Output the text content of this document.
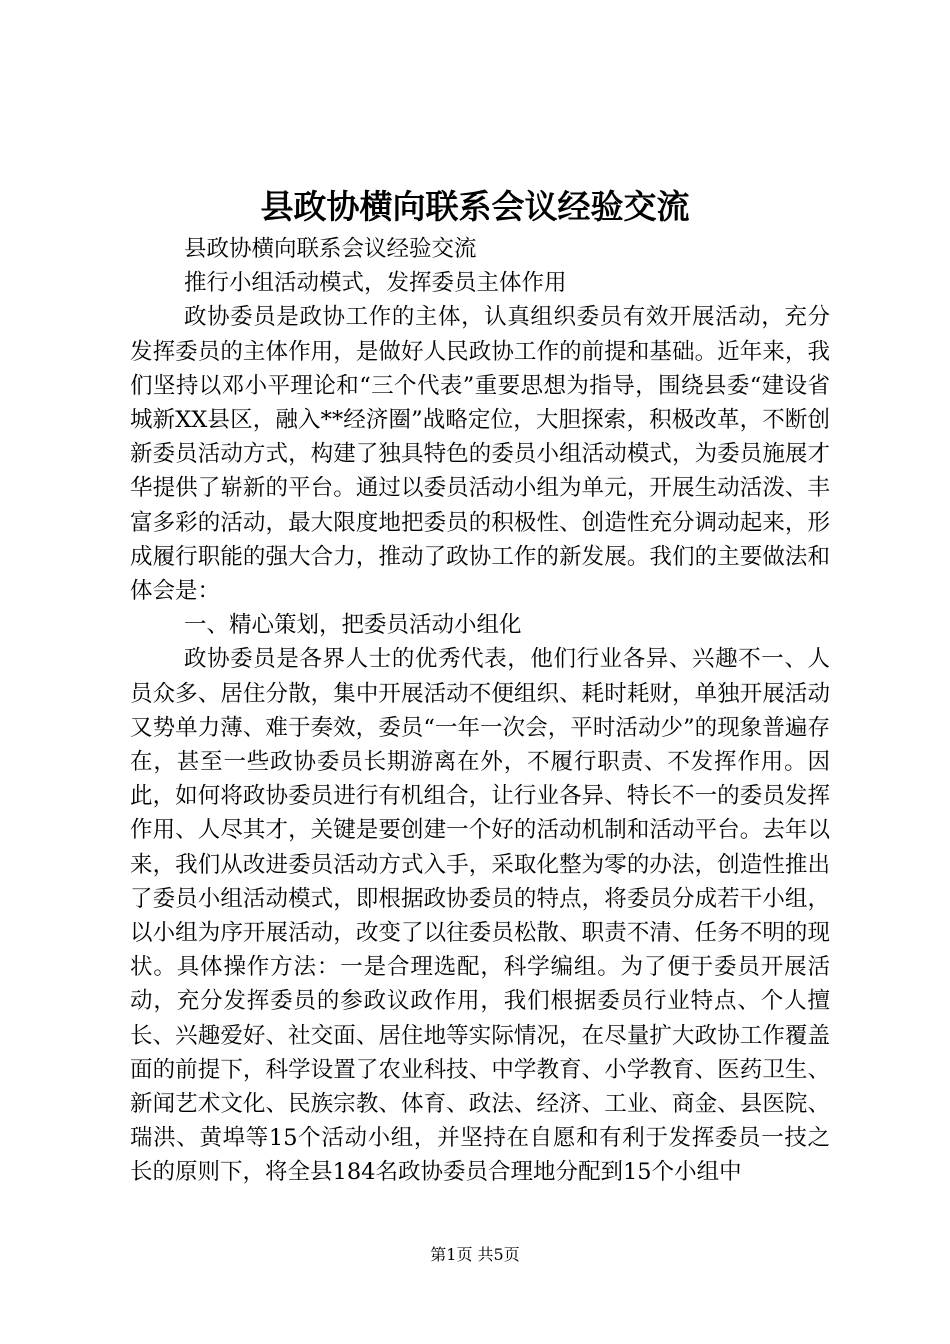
县政协横向联系会议经验交流

县政协横向联系会议经验交流

推行小组活动模式，发挥委员主体作用

政协委员是政协工作的主体，认真组织委员有效开展活动，充分发挥委员的主体作用，是做好人民政协工作的前提和基础。近年来，我们坚持以邓小平理论和“三个代表”重要思想为指导，围绕县委“建设省城新XX县区，融入**经济圈”战略定位，大胆探索，积极改革，不断创新委员活动方式，构建了独具特色的委员小组活动模式，为委员施展才华提供了崭新的平台。通过以委员活动小组为单元，开展生动活泼、丰富多彩的活动，最大限度地把委员的积极性、创造性充分调动起来，形成履行职能的强大合力，推动了政协工作的新发展。我们的主要做法和体会是：

一、精心策划，把委员活动小组化

政协委员是各界人士的优秀代表，他们行业各异、兴趣不一、人员众多、居住分散，集中开展活动不便组织、耗时耗财，单独开展活动又势单力薄、难于奏效，委员“一年一次会，平时活动少”的现象普遍存在，甚至一些政协委员长期游离在外，不履行职责、不发挥作用。因此，如何将政协委员进行有机组合，让行业各异、特长不一的委员发挥作用、人尽其才，关键是要创建一个好的活动机制和活动平台。去年以来，我们从改进委员活动方式入手，采取化整为零的办法，创造性推出了委员小组活动模式，即根据政协委员的特点，将委员分成若干小组，以小组为序开展活动，改变了以往委员松散、职责不清、任务不明的现状。具体操作方法：一是合理选配，科学编组。为了便于委员开展活动，充分发挥委员的参政议政作用，我们根据委员行业特点、个人擅长、兴趣爱好、社交面、居住地等实际情况，在尽量扩大政协工作覆盖面的前提下，科学设置了农业科技、中学教育、小学教育、医药卫生、新闻艺术文化、民族宗教、体育、政法、经济、工业、商金、县医院、瑞洪、黄埠等15个活动小组，并坚持在自愿和有利于发挥委员一技之长的原则下，将全县184名政协委员合理地分配到15个小组中

第1页 共5页
